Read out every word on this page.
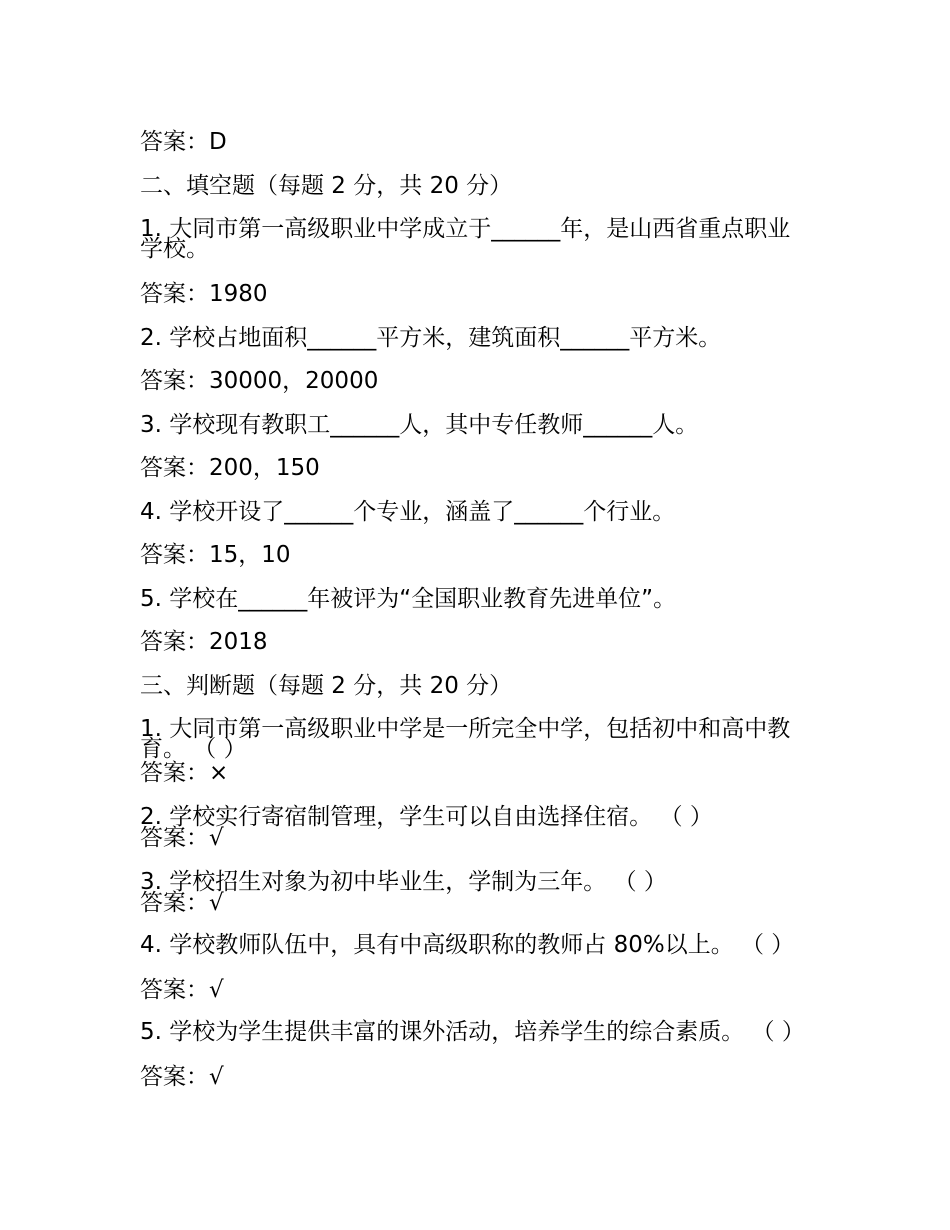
答案：D
二、填空题（每题 2 分，共 20 分）
1. 大同市第一高级职业中学成立于______年，是山西省重点职业学校。
答案：1980
2. 学校占地面积______平方米，建筑面积______平方米。
答案：30000，20000
3. 学校现有教职工______人，其中专任教师______人。
答案：200，150
4. 学校开设了______个专业，涵盖了______个行业。
答案：15，10
5. 学校在______年被评为“全国职业教育先进单位”。
答案：2018
三、判断题（每题 2 分，共 20 分）
1. 大同市第一高级职业中学是一所完全中学，包括初中和高中教育。 （ ）
答案：×
2. 学校实行寄宿制管理，学生可以自由选择住宿。 （ ）
答案：√
3. 学校招生对象为初中毕业生，学制为三年。 （ ）
答案：√
4. 学校教师队伍中，具有中高级职称的教师占 80%以上。 （ ）
答案：√
5. 学校为学生提供丰富的课外活动，培养学生的综合素质。 （ ）
答案：√
